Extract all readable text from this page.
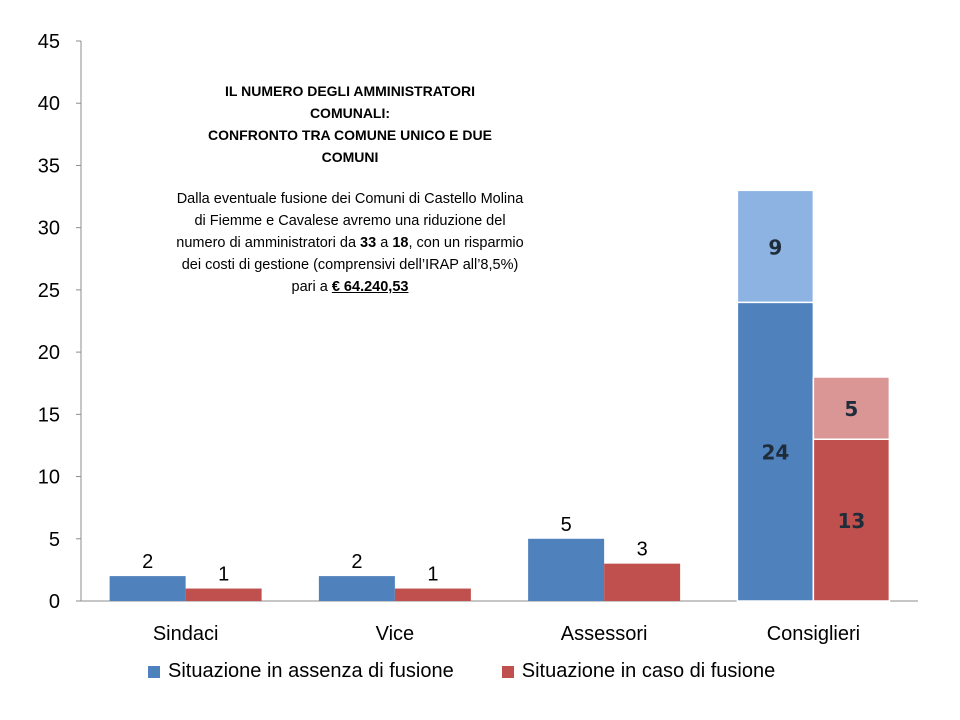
0
5
10
15
20
25
30
35
40
45
2
1
2
1
5
3
24
9
13
5
Sindaci	Vice	Assessori	Consiglieri
IL NUMERO DEGLI AMMINISTRATORI
COMUNALI:
CONFRONTO TRA COMUNE UNICO E DUE
COMUNI
Dalla eventuale fusione dei Comuni di Castello Molina di Fiemme e Cavalese avremo una riduzione del numero di amministratori da 33 a 18, con un risparmio dei costi di gestione (comprensivi dell’IRAP all’8,5%) pari a € 64.240,53
Situazione in assenza di fusione	Situazione in caso di fusione
